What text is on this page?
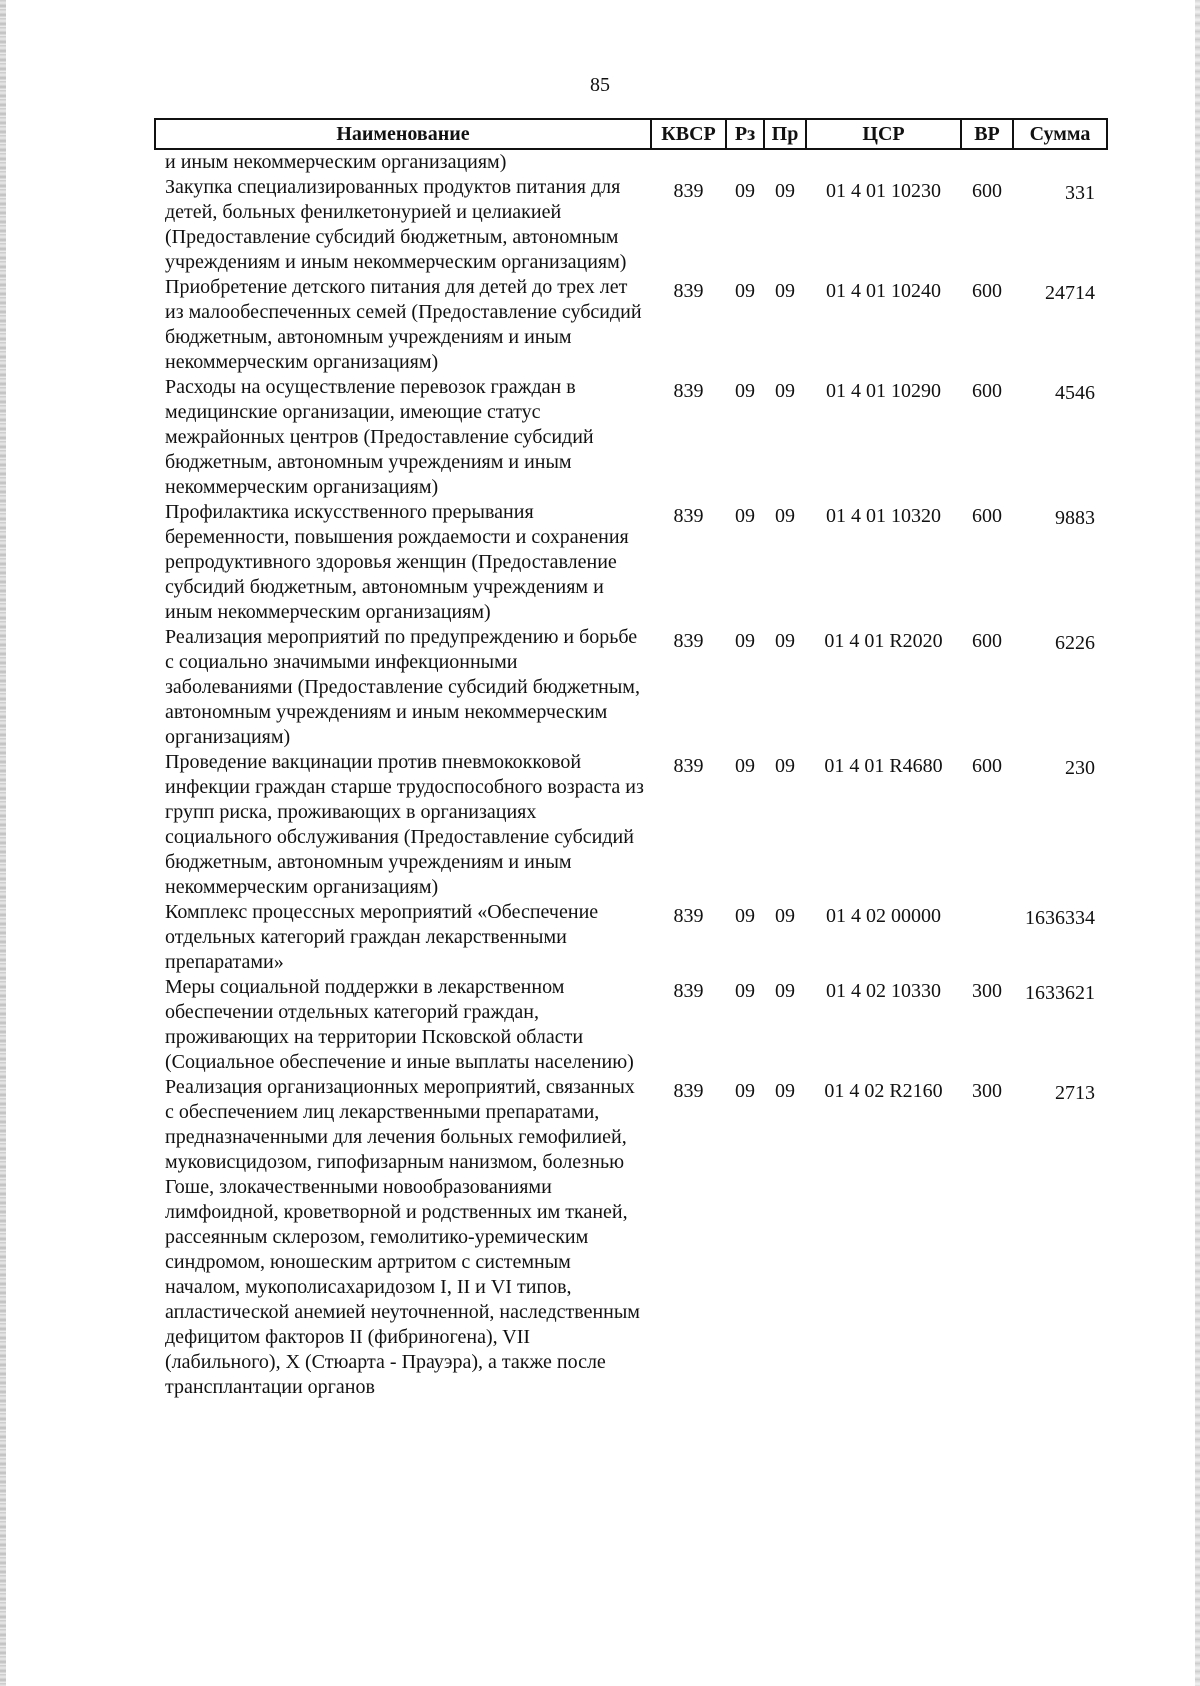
85
Наименование	КВСР	Рз	Пр	ЦСР	ВР	Сумма
и иным некоммерческим организациям)						
Закупка специализированных продуктов питания для детей, больных фенилкетонурией и целиакией (Предоставление субсидий бюджетным, автономным учреждениям и иным некоммерческим организациям)	839	09	09	01 4 01 10230	600	331
Приобретение детского питания для детей до трех лет из малообеспеченных семей (Предоставление субсидий бюджетным, автономным учреждениям и иным некоммерческим организациям)	839	09	09	01 4 01 10240	600	24714
Расходы на осуществление перевозок граждан в медицинские организации, имеющие статус межрайонных центров (Предоставление субсидий бюджетным, автономным учреждениям и иным некоммерческим организациям)	839	09	09	01 4 01 10290	600	4546
Профилактика искусственного прерывания беременности, повышения рождаемости и сохранения репродуктивного здоровья женщин (Предоставление субсидий бюджетным, автономным учреждениям и иным некоммерческим организациям)	839	09	09	01 4 01 10320	600	9883
Реализация мероприятий по предупреждению и борьбе с социально значимыми инфекционными заболеваниями (Предоставление субсидий бюджетным, автономным учреждениям и иным некоммерческим организациям)	839	09	09	01 4 01 R2020	600	6226
Проведение вакцинации против пневмококковой инфекции граждан старше трудоспособного возраста из групп риска, проживающих в организациях социального обслуживания (Предоставление субсидий бюджетным, автономным учреждениям и иным некоммерческим организациям)	839	09	09	01 4 01 R4680	600	230
Комплекс процессных мероприятий «Обеспечение отдельных категорий граждан лекарственными препаратами»	839	09	09	01 4 02 00000		1636334
Меры социальной поддержки в лекарственном обеспечении отдельных категорий граждан, проживающих на территории Псковской области (Социальное обеспечение и иные выплаты населению)	839	09	09	01 4 02 10330	300	1633621
Реализация организационных мероприятий, связанных с обеспечением лиц лекарственными препаратами, предназначенными для лечения больных гемофилией, муковисцидозом, гипофизарным нанизмом, болезнью Гоше, злокачественными новообразованиями лимфоидной, кроветворной и родственных им тканей, рассеянным склерозом, гемолитико-уремическим синдромом, юношеским артритом с системным началом, мукополисахаридозом I, II и VI типов, апластической анемией неуточненной, наследственным дефицитом факторов II (фибриногена), VII (лабильного), X (Стюарта - Прауэра), а также после трансплантации органов	839	09	09	01 4 02 R2160	300	2713
